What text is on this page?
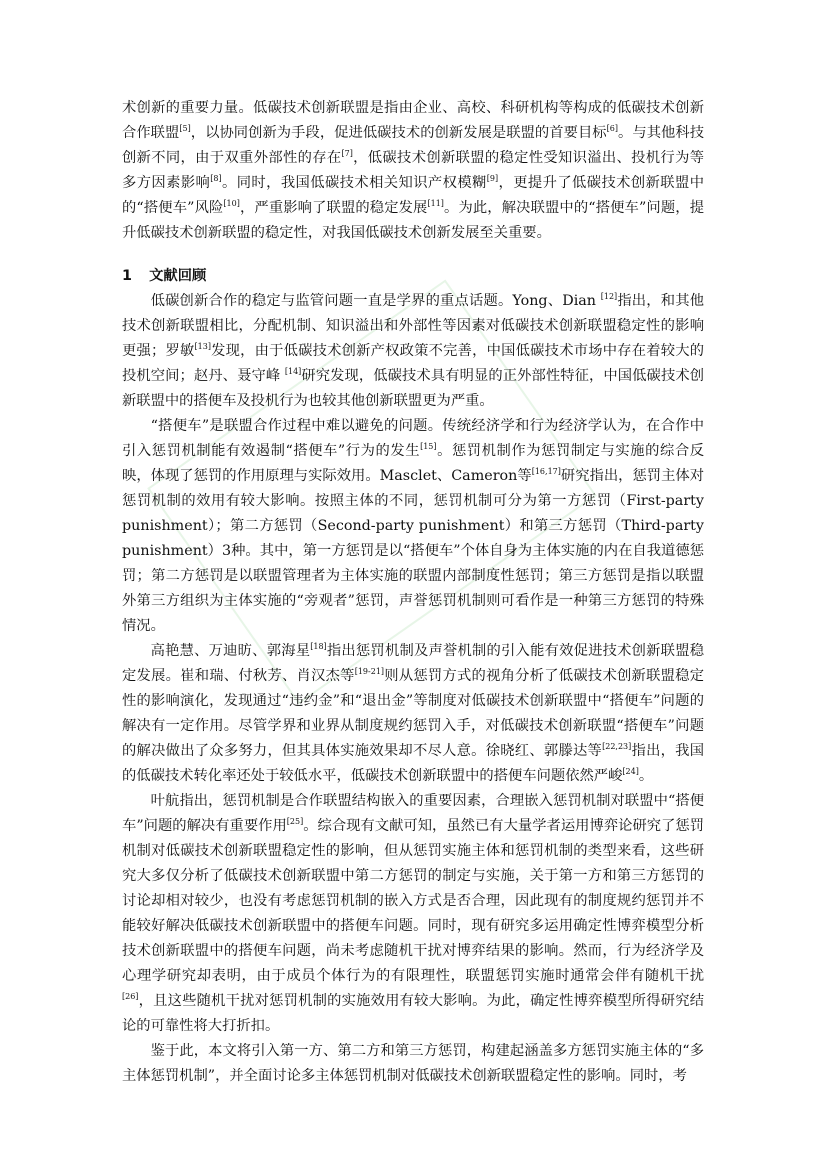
术创新的重要力量。低碳技术创新联盟是指由企业、高校、科研机构等构成的低碳技术创新合作联盟[5]，以协同创新为手段，促进低碳技术的创新发展是联盟的首要目标[6]。与其他科技创新不同，由于双重外部性的存在[7]，低碳技术创新联盟的稳定性受知识溢出、投机行为等多方因素影响[8]。同时，我国低碳技术相关知识产权模糊[9]，更提升了低碳技术创新联盟中的“搭便车”风险[10]，严重影响了联盟的稳定发展[11]。为此，解决联盟中的“搭便车”问题，提升低碳技术创新联盟的稳定性，对我国低碳技术创新发展至关重要。

1 文献回顾

低碳创新合作的稳定与监管问题一直是学界的重点话题。Yong、Dian [12]指出，和其他技术创新联盟相比，分配机制、知识溢出和外部性等因素对低碳技术创新联盟稳定性的影响更强；罗敏[13]发现，由于低碳技术创新产权政策不完善，中国低碳技术市场中存在着较大的投机空间；赵丹、聂守峰 [14]研究发现，低碳技术具有明显的正外部性特征，中国低碳技术创新联盟中的搭便车及投机行为也较其他创新联盟更为严重。

“搭便车”是联盟合作过程中难以避免的问题。传统经济学和行为经济学认为，在合作中引入惩罚机制能有效遏制“搭便车”行为的发生[15]。惩罚机制作为惩罚制定与实施的综合反映，体现了惩罚的作用原理与实际效用。Masclet、Cameron等[16,17]研究指出，惩罚主体对惩罚机制的效用有较大影响。按照主体的不同，惩罚机制可分为第一方惩罚（First-party punishment）；第二方惩罚（Second-party punishment）和第三方惩罚（Third-party punishment）3种。其中，第一方惩罚是以“搭便车”个体自身为主体实施的内在自我道德惩罚；第二方惩罚是以联盟管理者为主体实施的联盟内部制度性惩罚；第三方惩罚是指以联盟外第三方组织为主体实施的“旁观者”惩罚，声誉惩罚机制则可看作是一种第三方惩罚的特殊情况。

高艳慧、万迪昉、郭海星[18]指出惩罚机制及声誉机制的引入能有效促进技术创新联盟稳定发展。崔和瑞、付秋芳、肖汉杰等[19-21]则从惩罚方式的视角分析了低碳技术创新联盟稳定性的影响演化，发现通过“违约金”和“退出金”等制度对低碳技术创新联盟中“搭便车”问题的解决有一定作用。尽管学界和业界从制度规约惩罚入手，对低碳技术创新联盟“搭便车”问题的解决做出了众多努力，但其具体实施效果却不尽人意。徐晓红、郭滕达等[22,23]指出，我国的低碳技术转化率还处于较低水平，低碳技术创新联盟中的搭便车问题依然严峻[24]。

叶航指出，惩罚机制是合作联盟结构嵌入的重要因素，合理嵌入惩罚机制对联盟中“搭便车”问题的解决有重要作用[25]。综合现有文献可知，虽然已有大量学者运用博弈论研究了惩罚机制对低碳技术创新联盟稳定性的影响，但从惩罚实施主体和惩罚机制的类型来看，这些研究大多仅分析了低碳技术创新联盟中第二方惩罚的制定与实施，关于第一方和第三方惩罚的讨论却相对较少，也没有考虑惩罚机制的嵌入方式是否合理，因此现有的制度规约惩罚并不能较好解决低碳技术创新联盟中的搭便车问题。同时，现有研究多运用确定性博弈模型分析技术创新联盟中的搭便车问题，尚未考虑随机干扰对博弈结果的影响。然而，行为经济学及心理学研究却表明，由于成员个体行为的有限理性，联盟惩罚实施时通常会伴有随机干扰[26]，且这些随机干扰对惩罚机制的实施效用有较大影响。为此，确定性博弈模型所得研究结论的可靠性将大打折扣。

鉴于此，本文将引入第一方、第二方和第三方惩罚，构建起涵盖多方惩罚实施主体的“多主体惩罚机制”，并全面讨论多主体惩罚机制对低碳技术创新联盟稳定性的影响。同时，考
